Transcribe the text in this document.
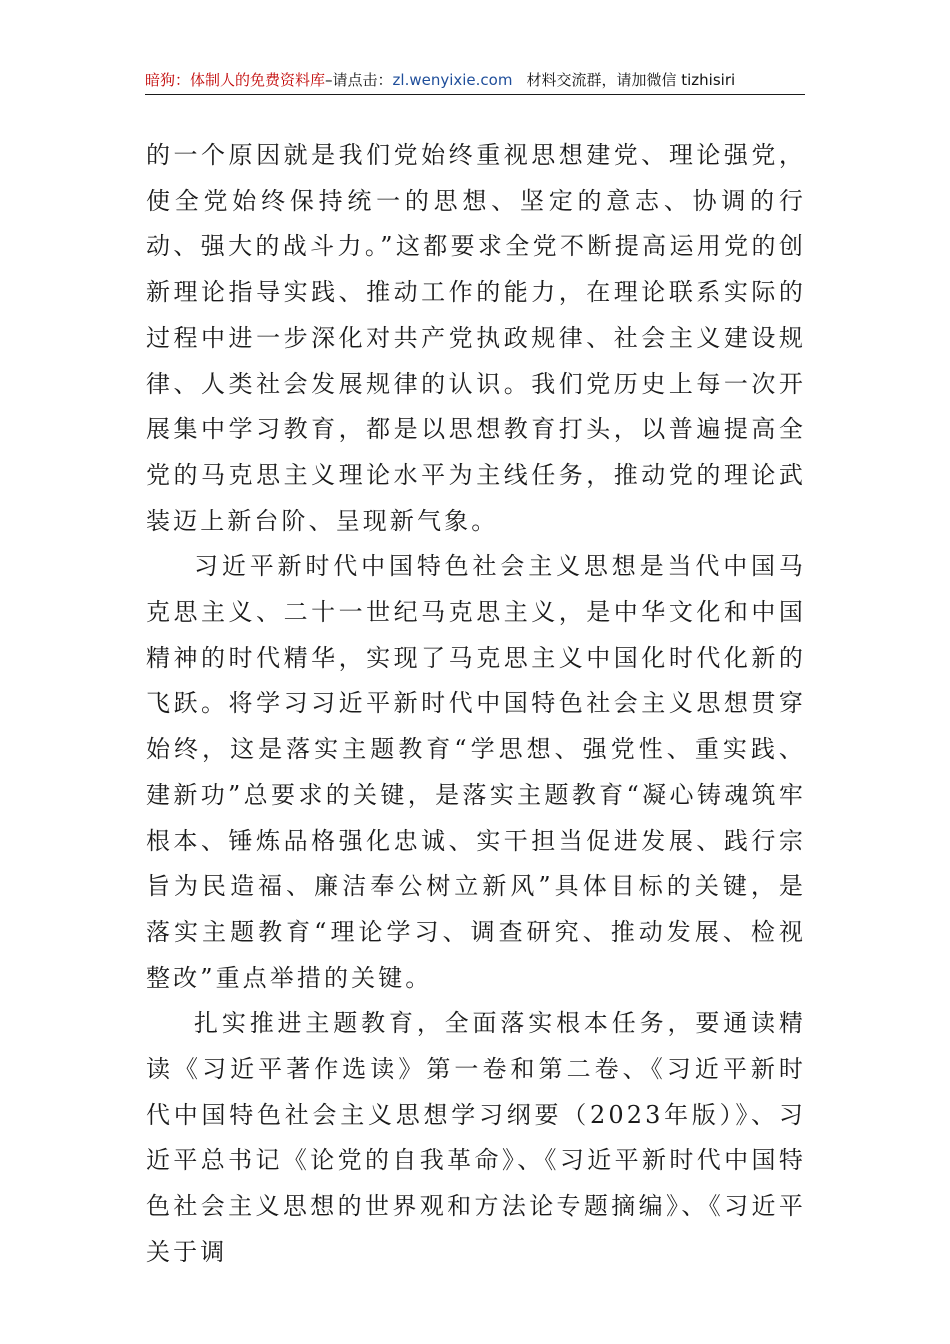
暗狗：体制人的免费资料库–请点击：zl.wenyixie.com 材料交流群，请加微信 tizhisiri

的一个原因就是我们党始终重视思想建党、理论强党，使全党始终保持统一的思想、坚定的意志、协调的行动、强大的战斗力。”这都要求全党不断提高运用党的创新理论指导实践、推动工作的能力，在理论联系实际的过程中进一步深化对共产党执政规律、社会主义建设规律、人类社会发展规律的认识。我们党历史上每一次开展集中学习教育，都是以思想教育打头，以普遍提高全党的马克思主义理论水平为主线任务，推动党的理论武装迈上新台阶、呈现新气象。

习近平新时代中国特色社会主义思想是当代中国马克思主义、二十一世纪马克思主义，是中华文化和中国精神的时代精华，实现了马克思主义中国化时代化新的飞跃。将学习习近平新时代中国特色社会主义思想贯穿始终，这是落实主题教育“学思想、强党性、重实践、建新功”总要求的关键，是落实主题教育“凝心铸魂筑牢根本、锤炼品格强化忠诚、实干担当促进发展、践行宗旨为民造福、廉洁奉公树立新风”具体目标的关键，是落实主题教育“理论学习、调查研究、推动发展、检视整改”重点举措的关键。

扎实推进主题教育，全面落实根本任务，要通读精读《习近平著作选读》第一卷和第二卷、《习近平新时代中国特色社会主义思想学习纲要（2023年版）》、习近平总书记《论党的自我革命》、《习近平新时代中国特色社会主义思想的世界观和方法论专题摘编》、《习近平关于调
